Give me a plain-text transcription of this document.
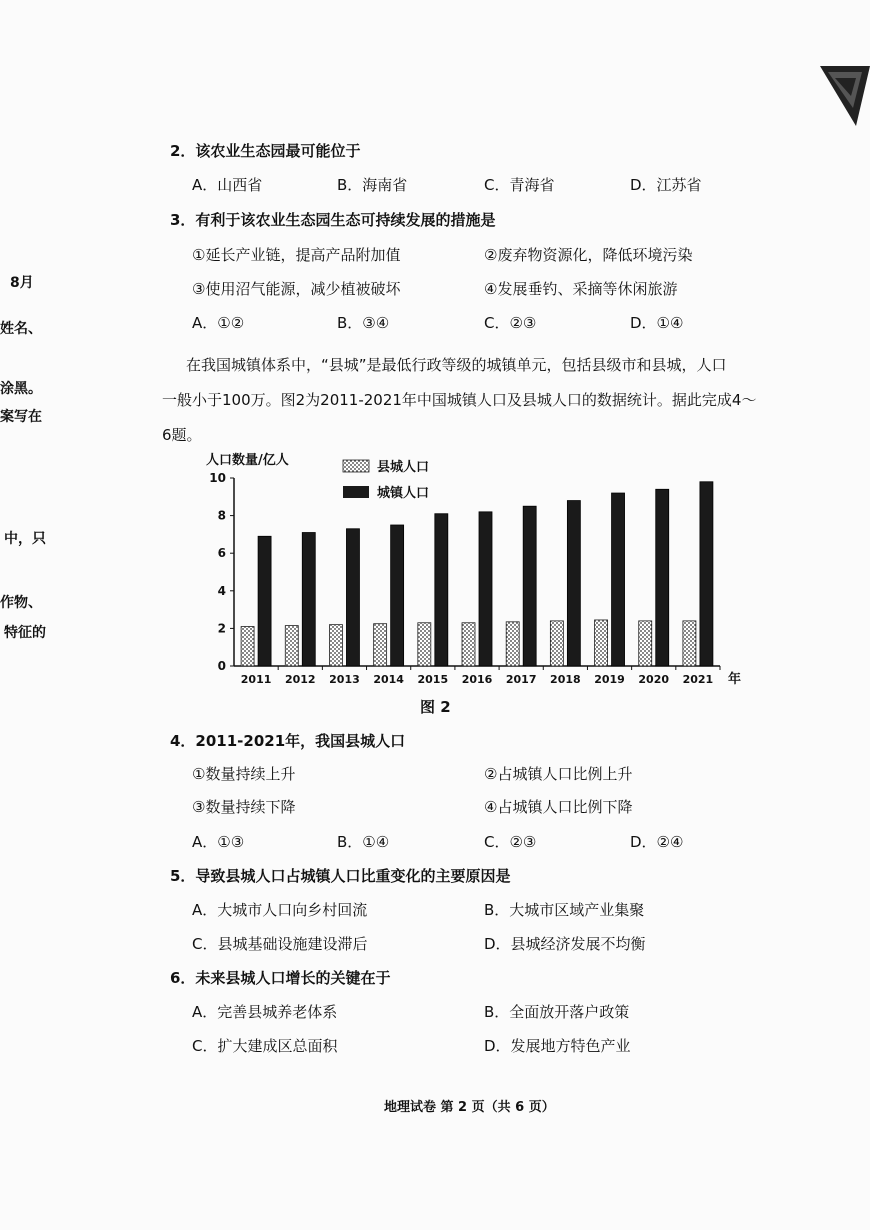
8月
姓名、
涂黑。
案写在
中，只
作物、
特征的
2．该农业生态园最可能位于
A．山西省	B．海南省	C．青海省	D．江苏省
3．有利于该农业生态园生态可持续发展的措施是
①延长产业链，提高产品附加值	②废弃物资源化，降低环境污染
③使用沼气能源，减少植被破坏	④发展垂钓、采摘等休闲旅游
A．①②	B．③④	C．②③	D．①④
在我国城镇体系中，“县城”是最低行政等级的城镇单元，包括县级市和县城，人口
一般小于100万。图2为2011-2021年中国城镇人口及县城人口的数据统计。据此完成4～
6题。
0
2
4
6
8
10
人口数量/亿人
2011 2012 2013 2014 2015 2016 2017 2018 2019 2020 2021 年
县城人口
城镇人口
图 2
4．2011-2021年，我国县城人口
①数量持续上升	②占城镇人口比例上升
③数量持续下降	④占城镇人口比例下降
A．①③	B．①④	C．②③	D．②④
5．导致县城人口占城镇人口比重变化的主要原因是
A．大城市人口向乡村回流	B．大城市区域产业集聚
C．县城基础设施建设滞后	D．县城经济发展不均衡
6．未来县城人口增长的关键在于
A．完善县城养老体系	B．全面放开落户政策
C．扩大建成区总面积	D．发展地方特色产业
地理试卷 第 2 页（共 6 页）
